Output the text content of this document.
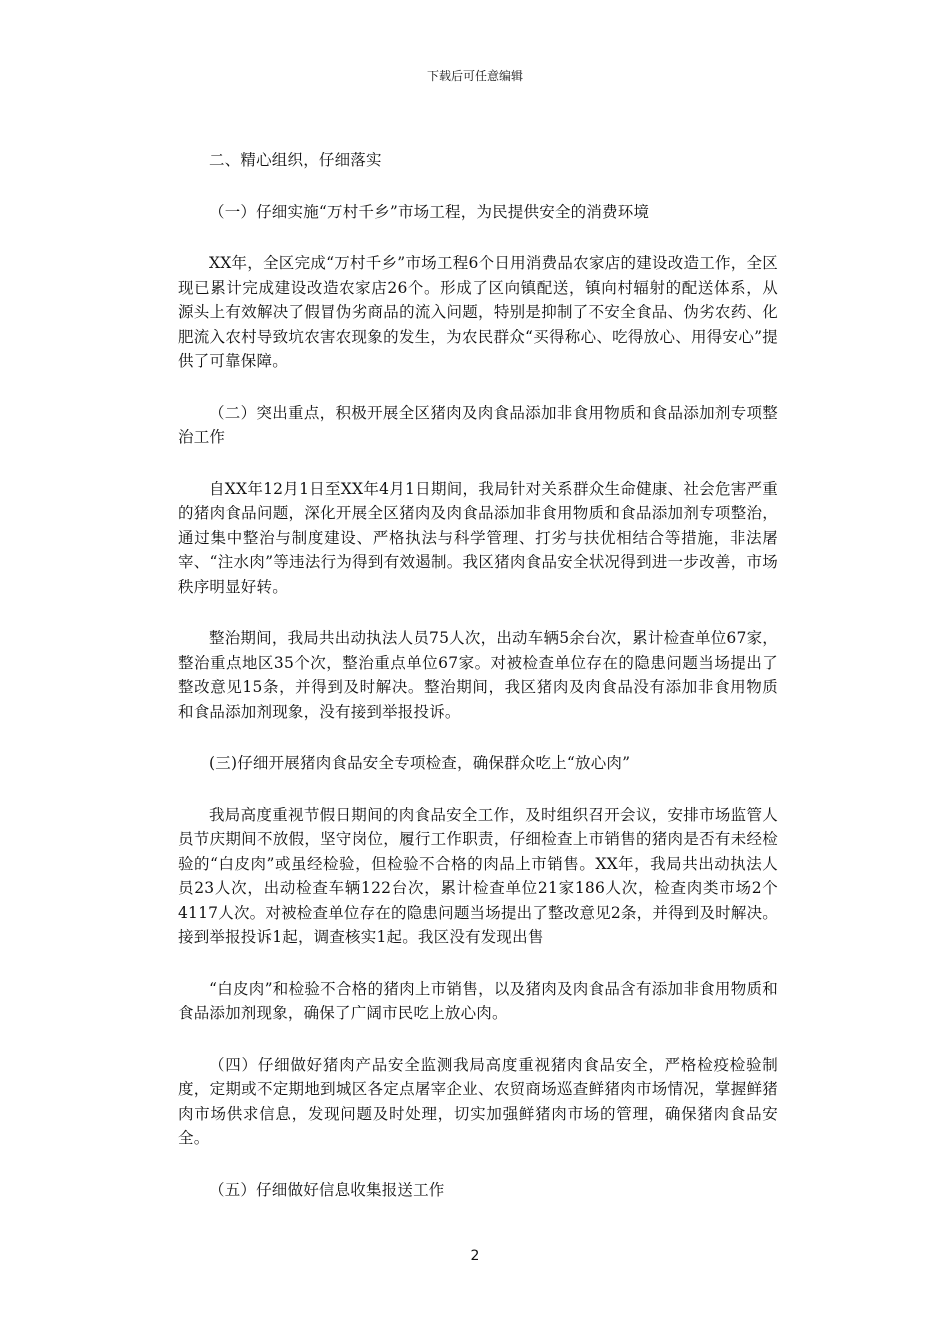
下载后可任意编辑

二、精心组织，仔细落实

（一）仔细实施“万村千乡”市场工程，为民提供安全的消费环境

XX年，全区完成“万村千乡”市场工程6个日用消费品农家店的建设改造工作，全区现已累计完成建设改造农家店26个。形成了区向镇配送，镇向村辐射的配送体系，从源头上有效解决了假冒伪劣商品的流入问题，特别是抑制了不安全食品、伪劣农药、化肥流入农村导致坑农害农现象的发生，为农民群众“买得称心、吃得放心、用得安心”提供了可靠保障。

（二）突出重点，积极开展全区猪肉及肉食品添加非食用物质和食品添加剂专项整治工作

自XX年12月1日至XX年4月1日期间，我局针对关系群众生命健康、社会危害严重的猪肉食品问题，深化开展全区猪肉及肉食品添加非食用物质和食品添加剂专项整治，通过集中整治与制度建设、严格执法与科学管理、打劣与扶优相结合等措施，非法屠宰、“注水肉”等违法行为得到有效遏制。我区猪肉食品安全状况得到进一步改善，市场秩序明显好转。

整治期间，我局共出动执法人员75人次，出动车辆5余台次，累计检查单位67家，整治重点地区35个次，整治重点单位67家。对被检查单位存在的隐患问题当场提出了整改意见15条，并得到及时解决。整治期间，我区猪肉及肉食品没有添加非食用物质和食品添加剂现象，没有接到举报投诉。

(三)仔细开展猪肉食品安全专项检查，确保群众吃上“放心肉”

我局高度重视节假日期间的肉食品安全工作，及时组织召开会议，安排市场监管人员节庆期间不放假，坚守岗位，履行工作职责，仔细检查上市销售的猪肉是否有未经检验的“白皮肉”或虽经检验，但检验不合格的肉品上市销售。XX年，我局共出动执法人员23人次，出动检查车辆122台次，累计检查单位21家186人次，检查肉类市场2个4117人次。对被检查单位存在的隐患问题当场提出了整改意见2条，并得到及时解决。接到举报投诉1起，调查核实1起。我区没有发现出售

“白皮肉”和检验不合格的猪肉上市销售，以及猪肉及肉食品含有添加非食用物质和食品添加剂现象，确保了广阔市民吃上放心肉。

（四）仔细做好猪肉产品安全监测我局高度重视猪肉食品安全，严格检疫检验制度，定期或不定期地到城区各定点屠宰企业、农贸商场巡查鲜猪肉市场情况，掌握鲜猪肉市场供求信息，发现问题及时处理，切实加强鲜猪肉市场的管理，确保猪肉食品安全。

（五）仔细做好信息收集报送工作

2
